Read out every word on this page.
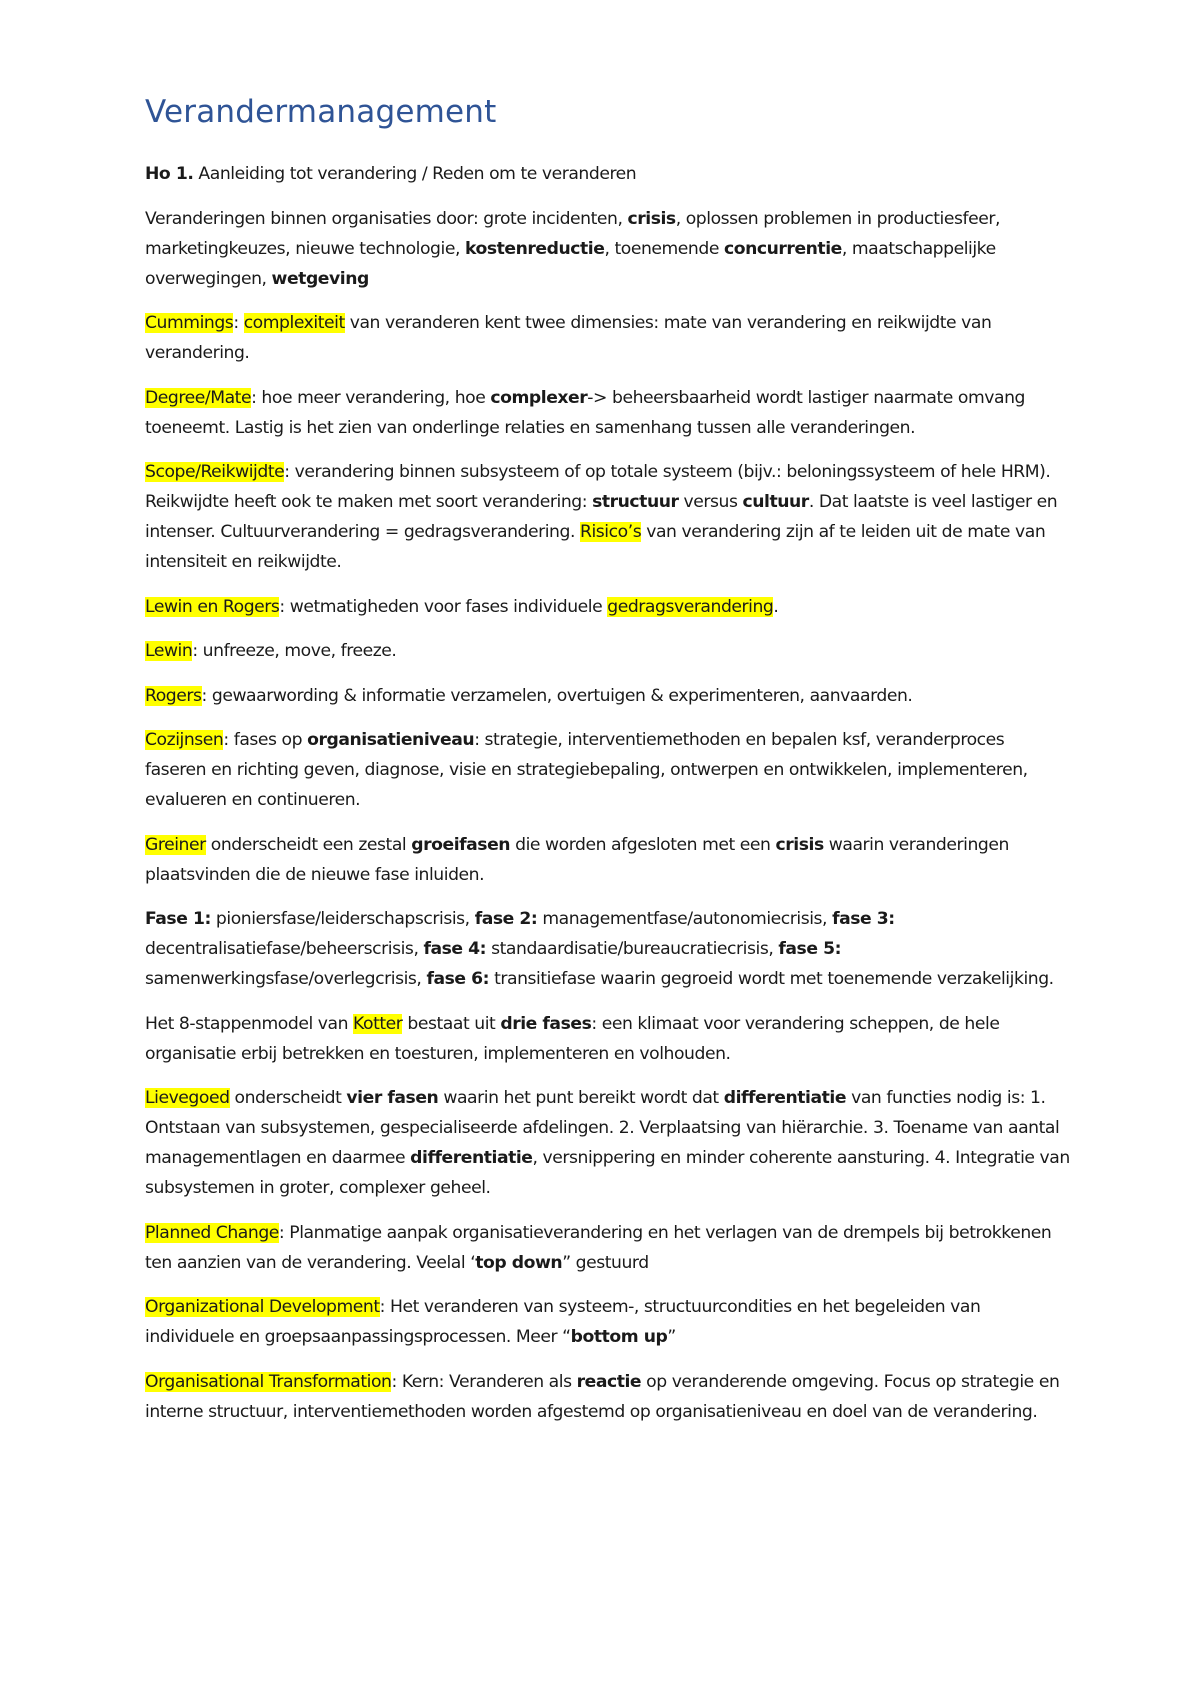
Verandermanagement

Ho 1. Aanleiding tot verandering / Reden om te veranderen

Veranderingen binnen organisaties door: grote incidenten, crisis, oplossen problemen in productiesfeer, marketingkeuzes, nieuwe technologie, kostenreductie, toenemende concurrentie, maatschappelijke overwegingen, wetgeving

Cummings: complexiteit van veranderen kent twee dimensies: mate van verandering en reikwijdte van verandering.

Degree/Mate: hoe meer verandering, hoe complexer-> beheersbaarheid wordt lastiger naarmate omvang toeneemt. Lastig is het zien van onderlinge relaties en samenhang tussen alle veranderingen.

Scope/Reikwijdte: verandering binnen subsysteem of op totale systeem (bijv.: beloningssysteem of hele HRM). Reikwijdte heeft ook te maken met soort verandering: structuur versus cultuur. Dat laatste is veel lastiger en intenser. Cultuurverandering = gedragsverandering. Risico’s van verandering zijn af te leiden uit de mate van intensiteit en reikwijdte.

Lewin en Rogers: wetmatigheden voor fases individuele gedragsverandering.

Lewin: unfreeze, move, freeze.

Rogers: gewaarwording & informatie verzamelen, overtuigen & experimenteren, aanvaarden.

Cozijnsen: fases op organisatieniveau: strategie, interventiemethoden en bepalen ksf, veranderproces faseren en richting geven, diagnose, visie en strategiebepaling, ontwerpen en ontwikkelen, implementeren, evalueren en continueren.

Greiner onderscheidt een zestal groeifasen die worden afgesloten met een crisis waarin veranderingen plaatsvinden die de nieuwe fase inluiden.

Fase 1: pioniersfase/leiderschapscrisis, fase 2: managementfase/autonomiecrisis, fase 3: decentralisatiefase/beheerscrisis, fase 4: standaardisatie/bureaucratiecrisis, fase 5: samenwerkingsfase/overlegcrisis, fase 6: transitiefase waarin gegroeid wordt met toenemende verzakelijking.

Het 8-stappenmodel van Kotter bestaat uit drie fases: een klimaat voor verandering scheppen, de hele organisatie erbij betrekken en toesturen, implementeren en volhouden.

Lievegoed onderscheidt vier fasen waarin het punt bereikt wordt dat differentiatie van functies nodig is: 1. Ontstaan van subsystemen, gespecialiseerde afdelingen. 2. Verplaatsing van hiërarchie. 3. Toename van aantal managementlagen en daarmee differentiatie, versnippering en minder coherente aansturing. 4. Integratie van subsystemen in groter, complexer geheel.

Planned Change: Planmatige aanpak organisatieverandering en het verlagen van de drempels bij betrokkenen ten aanzien van de verandering. Veelal ‘top down” gestuurd

Organizational Development: Het veranderen van systeem-, structuurcondities en het begeleiden van individuele en groepsaanpassingsprocessen. Meer “bottom up”

Organisational Transformation: Kern: Veranderen als reactie op veranderende omgeving. Focus op strategie en interne structuur, interventiemethoden worden afgestemd op organisatieniveau en doel van de verandering.
